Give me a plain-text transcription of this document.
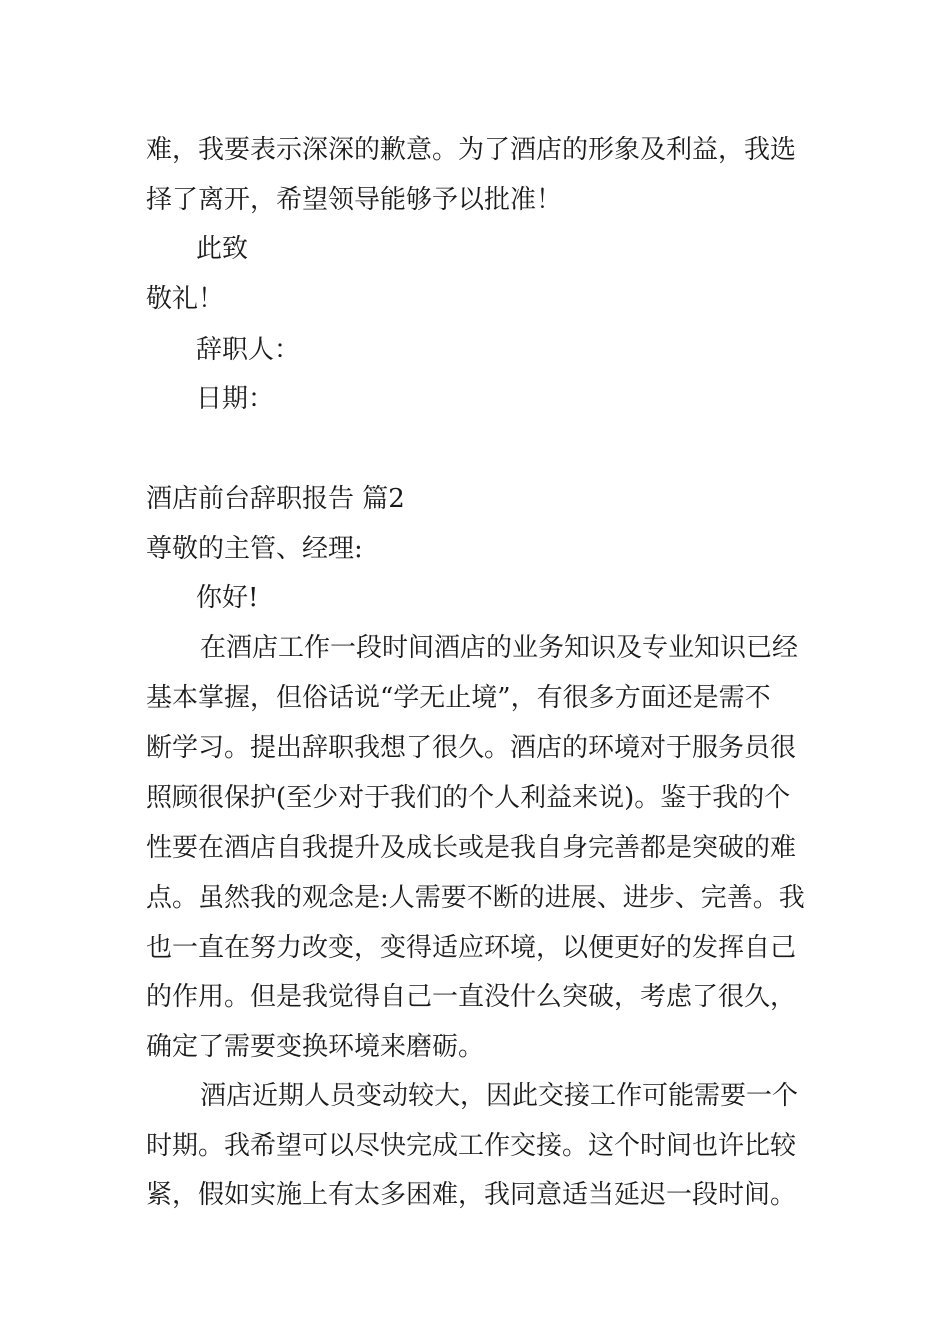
难，我要表示深深的歉意。为了酒店的形象及利益，我选
择了离开，希望领导能够予以批准！
此致
敬礼！
辞职人：
日期：
酒店前台辞职报告 篇2
尊敬的主管、经理:
你好!
在酒店工作一段时间酒店的业务知识及专业知识已经
基本掌握，但俗话说“学无止境”，有很多方面还是需不
断学习。提出辞职我想了很久。酒店的环境对于服务员很
照顾很保护(至少对于我们的个人利益来说)。鉴于我的个
性要在酒店自我提升及成长或是我自身完善都是突破的难
点。虽然我的观念是:人需要不断的进展、进步、完善。我
也一直在努力改变，变得适应环境，以便更好的发挥自己
的作用。但是我觉得自己一直没什么突破，考虑了很久，
确定了需要变换环境来磨砺。
酒店近期人员变动较大，因此交接工作可能需要一个
时期。我希望可以尽快完成工作交接。这个时间也许比较
紧，假如实施上有太多困难，我同意适当延迟一段时间。
